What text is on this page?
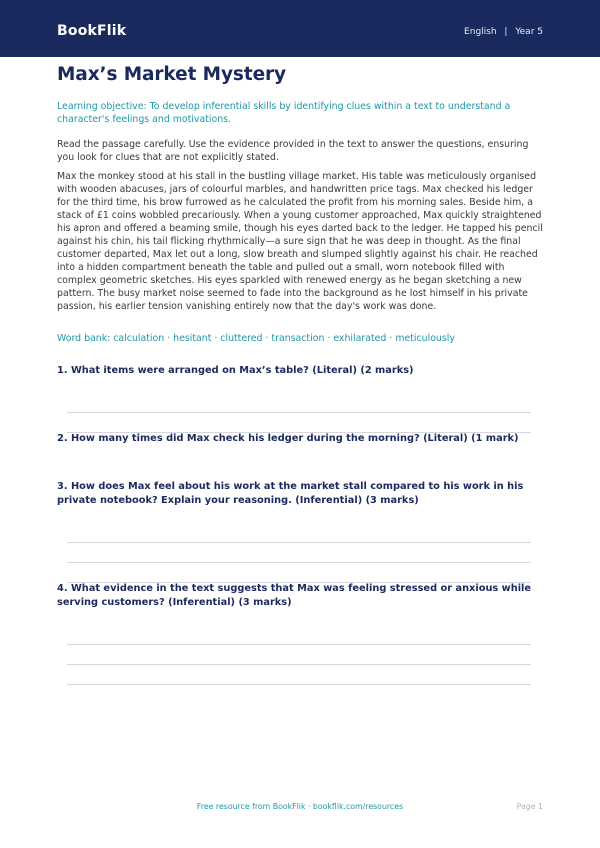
BookFlik	English | Year 5
Max’s Market Mystery
Learning objective: To develop inferential skills by identifying clues within a text to understand a character's feelings and motivations.
Read the passage carefully. Use the evidence provided in the text to answer the questions, ensuring you look for clues that are not explicitly stated.
Max the monkey stood at his stall in the bustling village market. His table was meticulously organised with wooden abacuses, jars of colourful marbles, and handwritten price tags. Max checked his ledger for the third time, his brow furrowed as he calculated the profit from his morning sales. Beside him, a stack of £1 coins wobbled precariously. When a young customer approached, Max quickly straightened his apron and offered a beaming smile, though his eyes darted back to the ledger. He tapped his pencil against his chin, his tail flicking rhythmically—a sure sign that he was deep in thought. As the final customer departed, Max let out a long, slow breath and slumped slightly against his chair. He reached into a hidden compartment beneath the table and pulled out a small, worn notebook filled with complex geometric sketches. His eyes sparkled with renewed energy as he began sketching a new pattern. The busy market noise seemed to fade into the background as he lost himself in his private passion, his earlier tension vanishing entirely now that the day's work was done.
Word bank: calculation · hesitant · cluttered · transaction · exhilarated · meticulously

1. What items were arranged on Max’s table? (Literal) (2 marks)

2. How many times did Max check his ledger during the morning? (Literal) (1 mark)

3. How does Max feel about his work at the market stall compared to his work in his private notebook? Explain your reasoning. (Inferential) (3 marks)

4. What evidence in the text suggests that Max was feeling stressed or anxious while serving customers? (Inferential) (3 marks)

Free resource from BookFlik · bookflik.com/resources	Page 1
